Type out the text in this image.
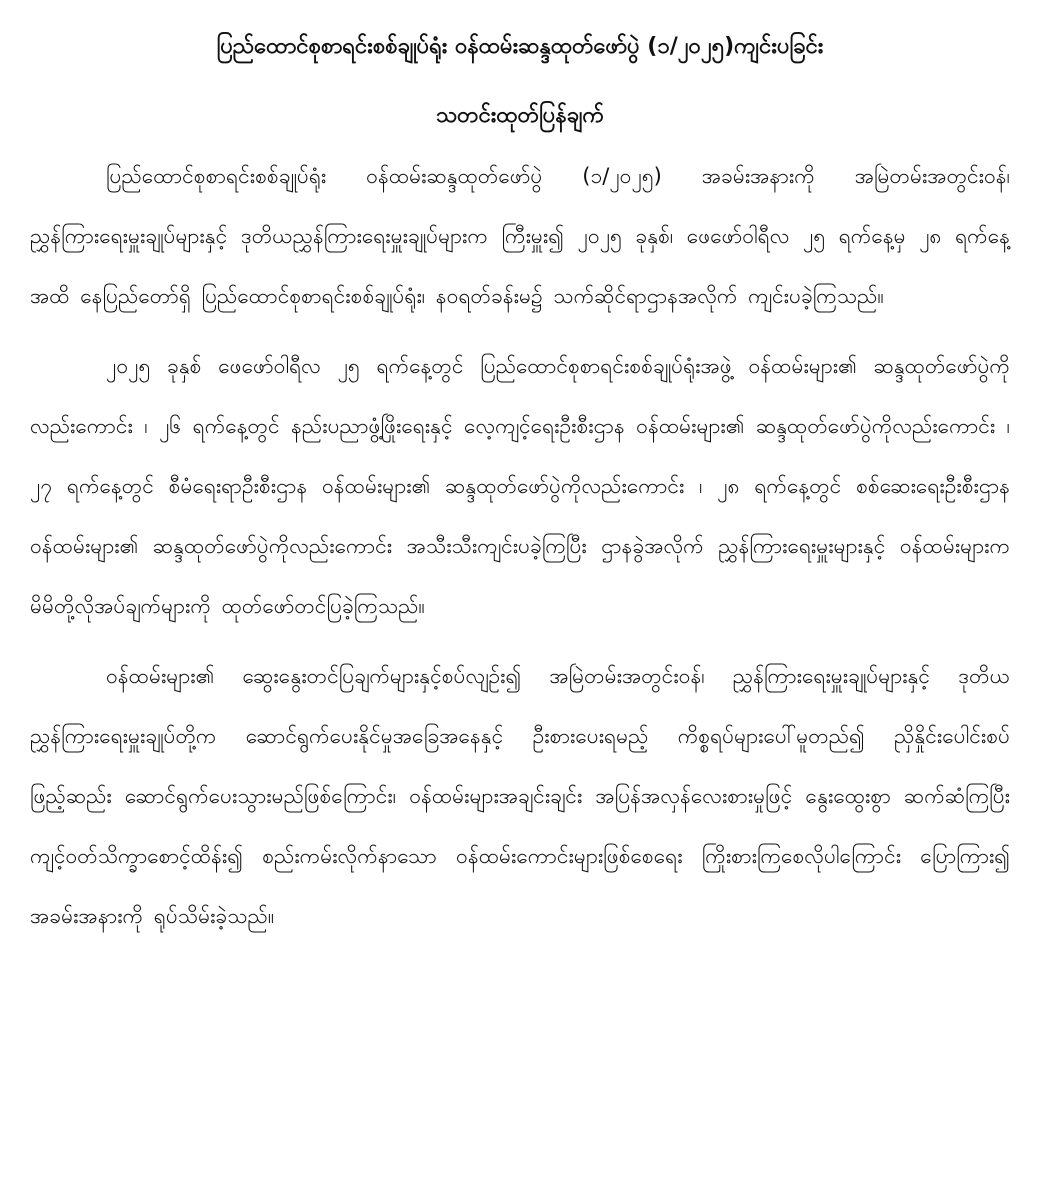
ပြည်ထောင်စုစာရင်းစစ်ချုပ်ရုံး ဝန်ထမ်းဆန္ဒထုတ်ဖော်ပွဲ (၁/၂၀၂၅)ကျင်းပခြင်း
သတင်းထုတ်ပြန်ချက်

ပြည်ထောင်စုစာရင်းစစ်ချုပ်ရုံး ဝန်ထမ်းဆန္ဒထုတ်ဖော်ပွဲ (၁/၂၀၂၅) အခမ်းအနားကို အမြဲတမ်းအတွင်းဝန်၊ ညွှန်ကြားရေးမှူးချုပ်များနှင့် ဒုတိယညွှန်ကြားရေးမှူးချုပ်များက ကြီးမှူး၍ ၂၀၂၅ ခုနှစ်၊ ဖေဖော်ဝါရီလ ၂၅ ရက်နေ့မှ ၂၈ ရက်နေ့အထိ နေပြည်တော်ရှိ ပြည်ထောင်စုစာရင်းစစ်ချုပ်ရုံး၊ န၀ရတ်ခန်းမ၌ သက်ဆိုင်ရာဌာနအလိုက် ကျင်းပခဲ့ကြသည်။

၂၀၂၅ ခုနှစ် ဖေဖော်ဝါရီလ ၂၅ ရက်နေ့တွင် ပြည်ထောင်စုစာရင်းစစ်ချုပ်ရုံးအဖွဲ့ ဝန်ထမ်းများ၏ ဆန္ဒထုတ်ဖော်ပွဲကို လည်းကောင်း ၊ ၂၆ ရက်နေ့တွင် နည်းပညာဖွံ့ဖြိုးရေးနှင့် လေ့ကျင့်ရေးဦးစီးဌာန ဝန်ထမ်းများ၏ ဆန္ဒထုတ်ဖော်ပွဲကိုလည်းကောင်း ၊ ၂၇ ရက်နေ့တွင် စီမံရေးရာဦးစီးဌာန ဝန်ထမ်းများ၏ ဆန္ဒထုတ်ဖော်ပွဲကိုလည်းကောင်း ၊ ၂၈ ရက်နေ့တွင် စစ်ဆေးရေးဦးစီးဌာနဝန်ထမ်းများ၏ ဆန္ဒထုတ်ဖော်ပွဲကိုလည်းကောင်း အသီးသီးကျင်းပခဲ့ကြပြီး ဌာနခွဲအလိုက် ညွှန်ကြားရေးမှူးများနှင့် ဝန်ထမ်းများက မိမိတို့လိုအပ်ချက်များကို ထုတ်ဖော်တင်ပြခဲ့ကြသည်။

ဝန်ထမ်းများ၏ ဆွေးနွေးတင်ပြချက်များနှင့်စပ်လျဉ်း၍ အမြဲတမ်းအတွင်းဝန်၊ ညွှန်ကြားရေးမှူးချုပ်များနှင့် ဒုတိယညွှန်ကြားရေးမှူးချုပ်တို့က ဆောင်ရွက်ပေးနိုင်မှုအခြေအနေနှင့် ဦးစားပေးရမည့် ကိစ္စရပ်များပေါ်မူတည်၍ ညှိနှိုင်းပေါင်းစပ်ဖြည့်ဆည်း ဆောင်ရွက်ပေးသွားမည်ဖြစ်ကြောင်း၊ ဝန်ထမ်းများအချင်းချင်း အပြန်အလှန်လေးစားမှုဖြင့် နွေးထွေးစွာ ဆက်ဆံကြပြီး ကျင့်ဝတ်သိက္ခာစောင့်ထိန်း၍ စည်းကမ်းလိုက်နာသော ဝန်ထမ်းကောင်းများဖြစ်စေရေး ကြိုးစားကြစေလိုပါကြောင်း ပြောကြား၍ အခမ်းအနားကို ရုပ်သိမ်းခဲ့သည်။
